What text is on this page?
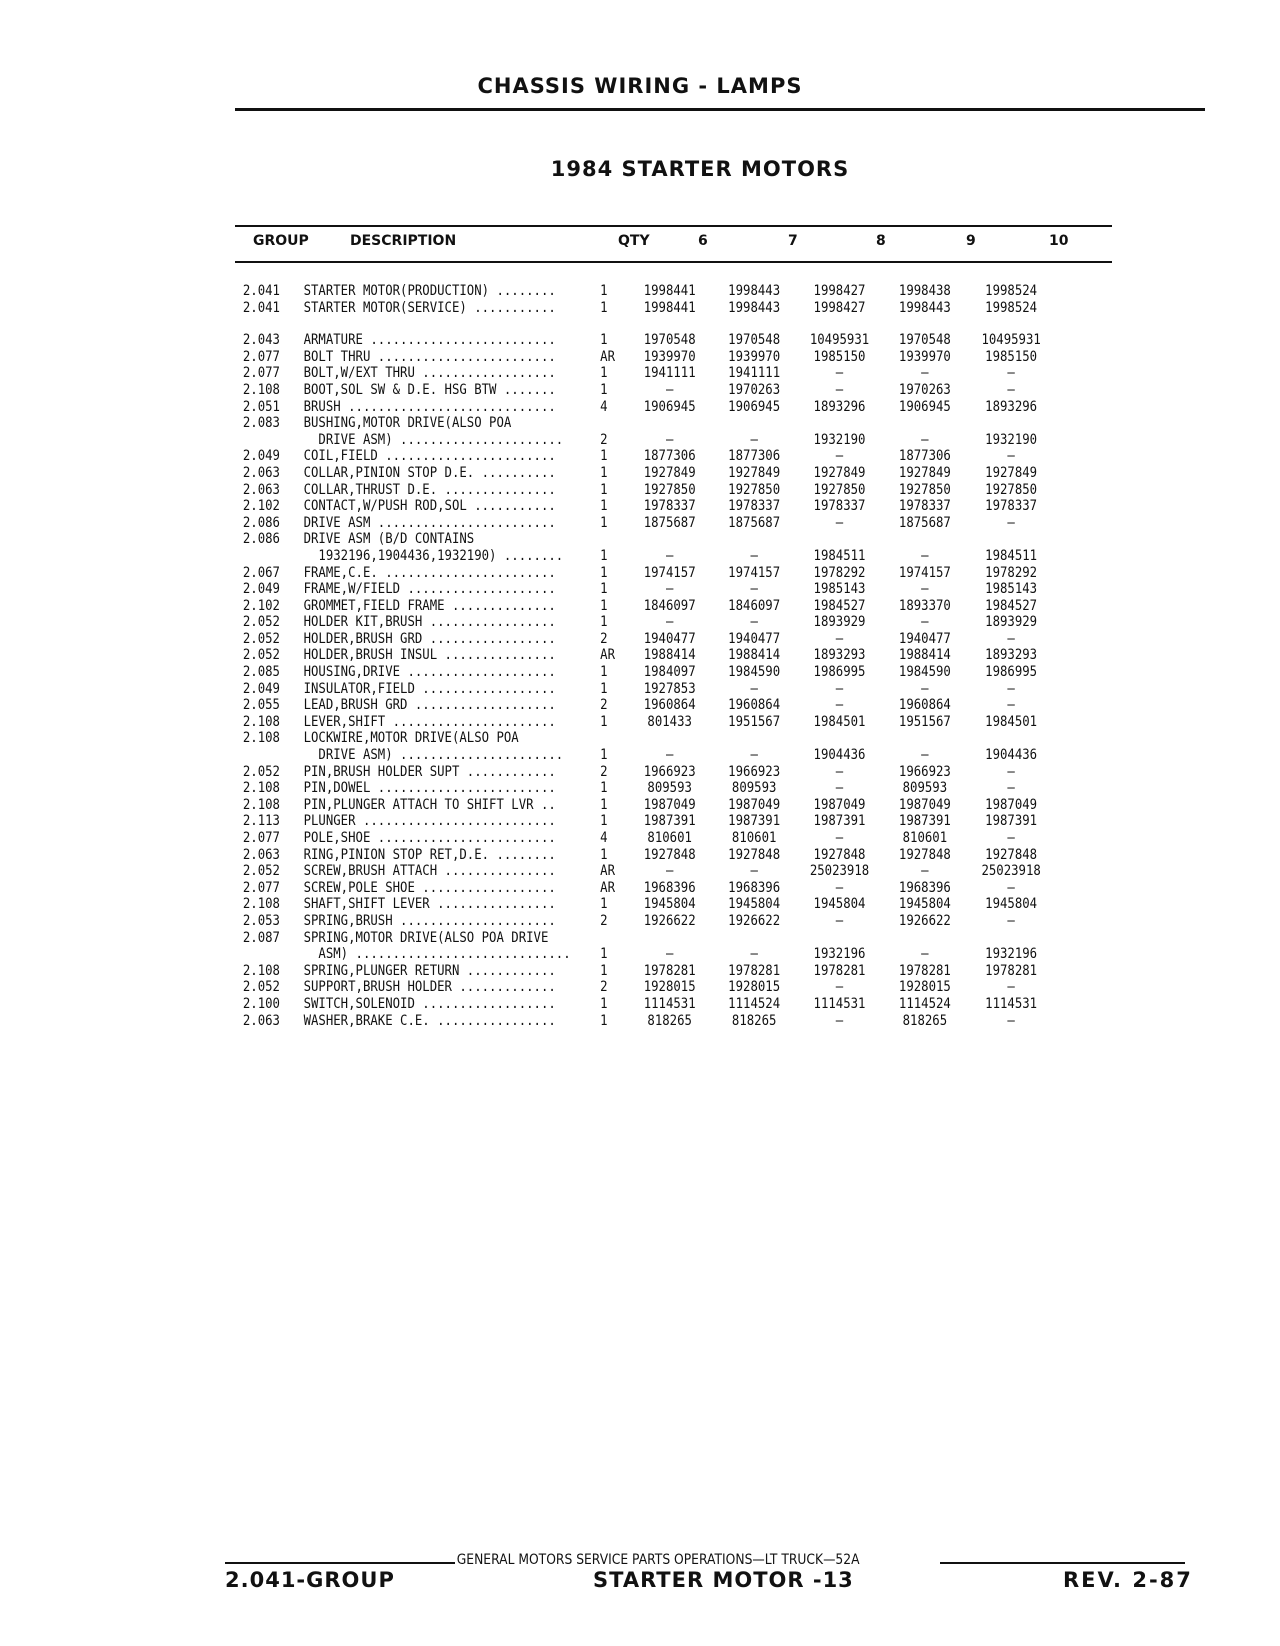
CHASSIS WIRING - LAMPS
1984 STARTER MOTORS
GROUP	DESCRIPTION	QTY	6	7	8	9	10
2.041 STARTER MOTOR(PRODUCTION) ........	1	1998441	1998443	1998427	1998438	1998524
2.041 STARTER MOTOR(SERVICE) ...........	1	1998441	1998443	1998427	1998443	1998524
2.043 ARMATURE .........................	1	1970548	1970548	10495931	1970548	10495931
2.077 BOLT THRU ........................	AR	1939970	1939970	1985150	1939970	1985150
2.077 BOLT,W/EXT THRU ..................	1	1941111	1941111	—	—	—
2.108 BOOT,SOL SW & D.E. HSG BTW .......	1	—	1970263	—	1970263	—
2.051 BRUSH ............................	4	1906945	1906945	1893296	1906945	1893296
2.083 BUSHING,MOTOR DRIVE(ALSO POA
DRIVE ASM) ......................	2	—	—	1932190	—	1932190
2.049 COIL,FIELD .......................	1	1877306	1877306	—	1877306	—
2.063 COLLAR,PINION STOP D.E. ..........	1	1927849	1927849	1927849	1927849	1927849
2.063 COLLAR,THRUST D.E. ...............	1	1927850	1927850	1927850	1927850	1927850
2.102 CONTACT,W/PUSH ROD,SOL ...........	1	1978337	1978337	1978337	1978337	1978337
2.086 DRIVE ASM ........................	1	1875687	1875687	—	1875687	—
2.086 DRIVE ASM (B/D CONTAINS
1932196,1904436,1932190) ........	1	—	—	1984511	—	1984511
2.067 FRAME,C.E. .......................	1	1974157	1974157	1978292	1974157	1978292
2.049 FRAME,W/FIELD ....................	1	—	—	1985143	—	1985143
2.102 GROMMET,FIELD FRAME ..............	1	1846097	1846097	1984527	1893370	1984527
2.052 HOLDER KIT,BRUSH .................	1	—	—	1893929	—	1893929
2.052 HOLDER,BRUSH GRD .................	2	1940477	1940477	—	1940477	—
2.052 HOLDER,BRUSH INSUL ...............	AR	1988414	1988414	1893293	1988414	1893293
2.085 HOUSING,DRIVE ....................	1	1984097	1984590	1986995	1984590	1986995
2.049 INSULATOR,FIELD ..................	1	1927853	—	—	—	—
2.055 LEAD,BRUSH GRD ...................	2	1960864	1960864	—	1960864	—
2.108 LEVER,SHIFT ......................	1	801433	1951567	1984501	1951567	1984501
2.108 LOCKWIRE,MOTOR DRIVE(ALSO POA
DRIVE ASM) ......................	1	—	—	1904436	—	1904436
2.052 PIN,BRUSH HOLDER SUPT ............	2	1966923	1966923	—	1966923	—
2.108 PIN,DOWEL ........................	1	809593	809593	—	809593	—
2.108 PIN,PLUNGER ATTACH TO SHIFT LVR ..	1	1987049	1987049	1987049	1987049	1987049
2.113 PLUNGER ..........................	1	1987391	1987391	1987391	1987391	1987391
2.077 POLE,SHOE ........................	4	810601	810601	—	810601	—
2.063 RING,PINION STOP RET,D.E. ........	1	1927848	1927848	1927848	1927848	1927848
2.052 SCREW,BRUSH ATTACH ...............	AR	—	—	25023918	—	25023918
2.077 SCREW,POLE SHOE ..................	AR	1968396	1968396	—	1968396	—
2.108 SHAFT,SHIFT LEVER ................	1	1945804	1945804	1945804	1945804	1945804
2.053 SPRING,BRUSH .....................	2	1926622	1926622	—	1926622	—
2.087 SPRING,MOTOR DRIVE(ALSO POA DRIVE
ASM) ............................. 1	—	—	1932196	—	1932196
2.108 SPRING,PLUNGER RETURN ............	1	1978281	1978281	1978281	1978281	1978281
2.052 SUPPORT,BRUSH HOLDER .............	2	1928015	1928015	—	1928015	—
2.100 SWITCH,SOLENOID ..................	1	1114531	1114524	1114531	1114524	1114531
2.063 WASHER,BRAKE C.E. ................	1	818265	818265	—	818265	—
GENERAL MOTORS SERVICE PARTS OPERATIONS—LT TRUCK—52A
2.041-GROUP	STARTER MOTOR -13	REV. 2-87
